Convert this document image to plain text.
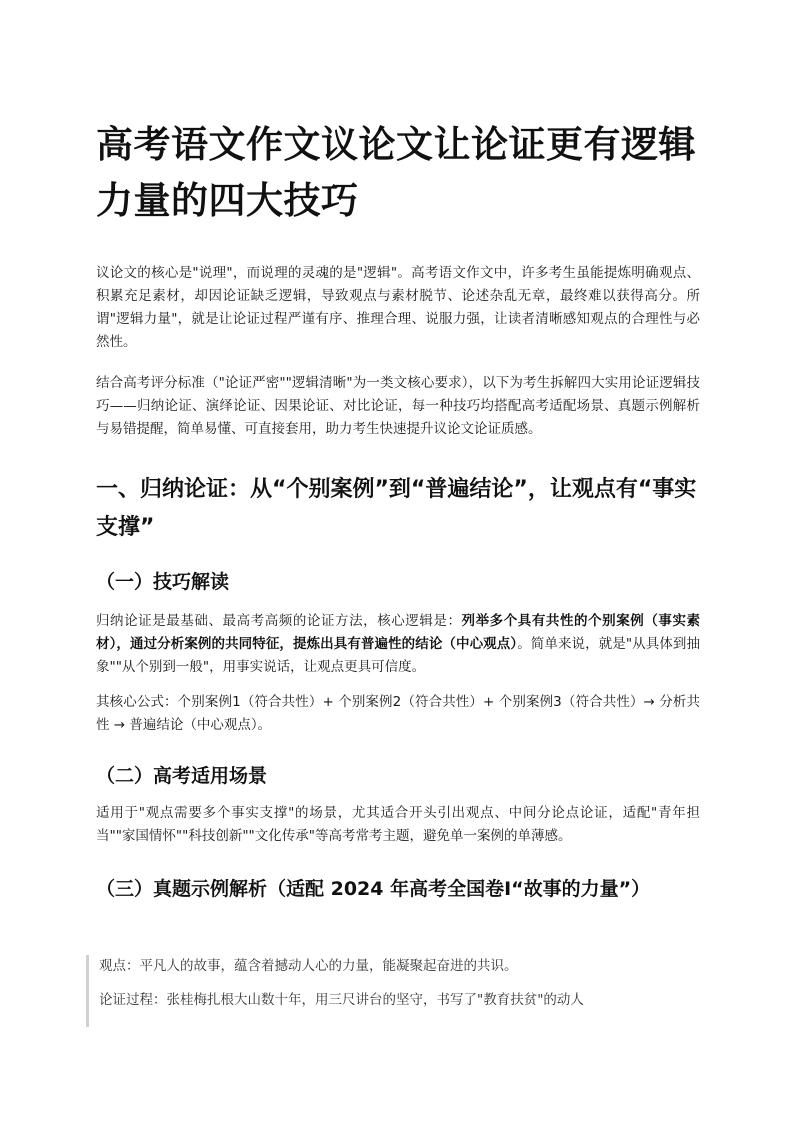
高考语文作文议论文让论证更有逻辑力量的四大技巧

议论文的核心是"说理"，而说理的灵魂的是"逻辑"。高考语文作文中，许多考生虽能提炼明确观点、积累充足素材，却因论证缺乏逻辑，导致观点与素材脱节、论述杂乱无章，最终难以获得高分。所谓"逻辑力量"，就是让论证过程严谨有序、推理合理、说服力强，让读者清晰感知观点的合理性与必然性。

结合高考评分标准（"论证严密""逻辑清晰"为一类文核心要求），以下为考生拆解四大实用论证逻辑技巧——归纳论证、演绎论证、因果论证、对比论证，每一种技巧均搭配高考适配场景、真题示例解析与易错提醒，简单易懂、可直接套用，助力考生快速提升议论文论证质感。

一、归纳论证：从“个别案例”到“普遍结论”，让观点有“事实支撑”
（一）技巧解读

归纳论证是最基础、最高考高频的论证方法，核心逻辑是：列举多个具有共性的个别案例（事实素材），通过分析案例的共同特征，提炼出具有普遍性的结论（中心观点）。简单来说，就是"从具体到抽象""从个别到一般"，用事实说话，让观点更具可信度。

其核心公式：个别案例1（符合共性）+ 个别案例2（符合共性）+ 个别案例3（符合共性）→ 分析共性 → 普遍结论（中心观点）。

（二）高考适用场景

适用于"观点需要多个事实支撑"的场景，尤其适合开头引出观点、中间分论点论证，适配"青年担当""家国情怀""科技创新""文化传承"等高考常考主题，避免单一案例的单薄感。

（三）真题示例解析（适配 2024 年高考全国卷Ⅰ“故事的力量”）

观点：平凡人的故事，蕴含着撼动人心的力量，能凝聚起奋进的共识。

论证过程：张桂梅扎根大山数十年，用三尺讲台的坚守，书写了"教育扶贫"的动人
